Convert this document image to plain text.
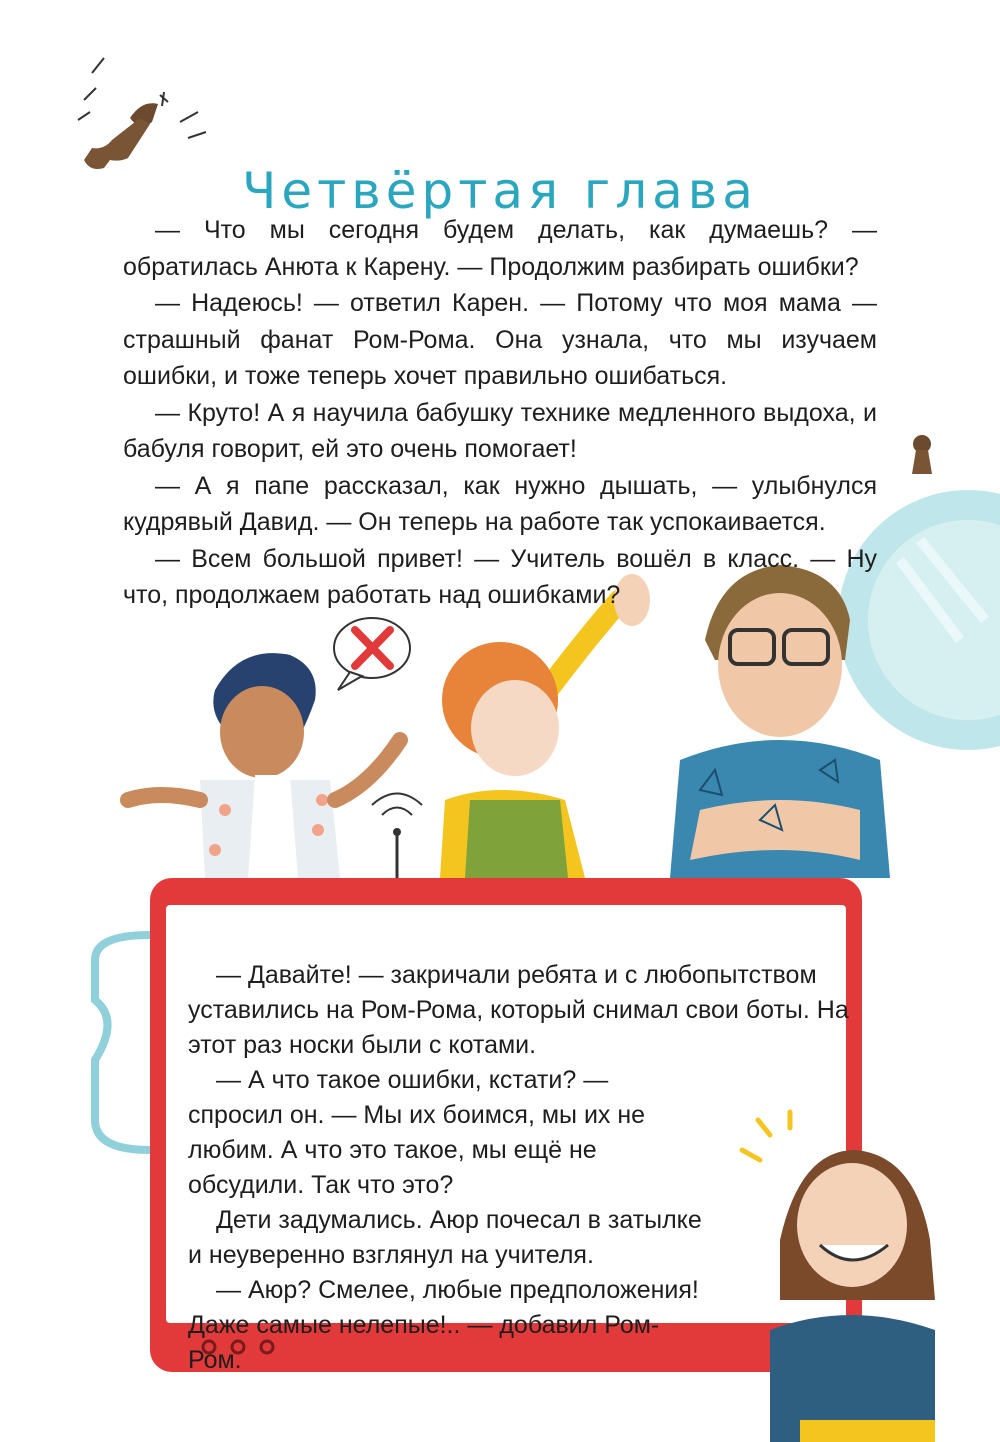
Четвёртая глава

— Что мы сегодня будем делать, как думаешь? — обратилась Анюта к Карену. — Продолжим разбирать ошибки?

— Надеюсь! — ответил Карен. — Потому что моя мама — страшный фанат Ром-Рома. Она узнала, что мы изучаем ошибки, и тоже теперь хочет правильно ошибаться.

— Круто! А я научила бабушку технике медленного выдоха, и бабуля говорит, ей это очень помогает!

— А я папе рассказал, как нужно дышать, — улыбнулся кудрявый Давид. — Он теперь на работе так успокаивается.

— Всем большой привет! — Учитель вошёл в класс. — Ну что, продолжаем работать над ошибками?

— Давайте! — закричали ребята и с любопытством уставились на Ром-Рома, который снимал свои боты. На этот раз носки были с котами.

— А что такое ошибки, кстати? — спросил он. — Мы их боимся, мы их не любим. А что это такое, мы ещё не обсудили. Так что это?

Дети задумались. Аюр почесал в затылке и неуверенно взглянул на учителя.

— Аюр? Смелее, любые предположения! Даже самые нелепые!.. — добавил Ром-Ром.
